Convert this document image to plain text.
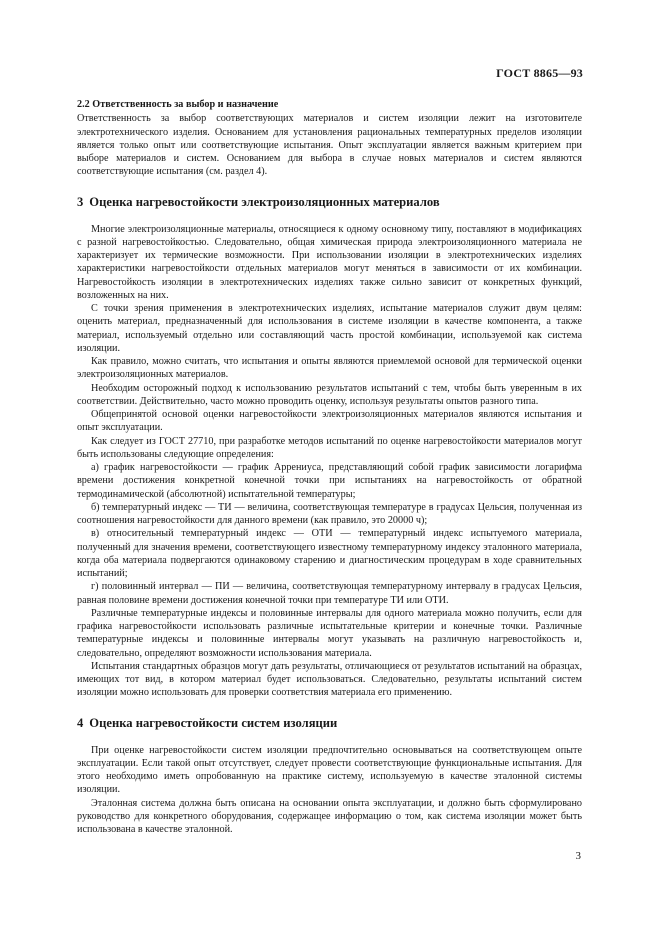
ГОСТ 8865—93
2.2 Ответственность за выбор и назначение

Ответственность за выбор соответствующих материалов и систем изоляции лежит на изготовителе электротехнического изделия. Основанием для установления рациональных температурных пределов изоляции является только опыт или соответствующие испытания. Опыт эксплуатации является важным критерием при выборе материалов и систем. Основанием для выбора в случае новых материалов и систем являются соответствующие испытания (см. раздел 4).

3 Оценка нагревостойкости электроизоляционных материалов

Многие электроизоляционные материалы, относящиеся к одному основному типу, поставляют в модификациях с разной нагревостойкостью. Следовательно, общая химическая природа электроизоляционного материала не характеризует их термические возможности. При использовании изоляции в электротехнических изделиях характеристики нагревостойкости отдельных материалов могут меняться в зависимости от их комбинации. Нагревостойкость изоляции в электротехнических изделиях также сильно зависит от конкретных функций, возложенных на них.

С точки зрения применения в электротехнических изделиях, испытание материалов служит двум целям: оценить материал, предназначенный для использования в системе изоляции в качестве компонента, а также материал, используемый отдельно или составляющий часть простой комбинации, используемой как система изоляции.

Как правило, можно считать, что испытания и опыты являются приемлемой основой для термической оценки электроизоляционных материалов.

Необходим осторожный подход к использованию результатов испытаний с тем, чтобы быть уверенным в их соответствии. Действительно, часто можно проводить оценку, используя результаты опытов разного типа.

Общепринятой основой оценки нагревостойкости электроизоляционных материалов являются испытания и опыт эксплуатации.

Как следует из ГОСТ 27710, при разработке методов испытаний по оценке нагревостойкости материалов могут быть использованы следующие определения:

а) график нагревостойкости — график Аррениуса, представляющий собой график зависимости логарифма времени достижения конкретной конечной точки при испытаниях на нагревостойкость от обратной термодинамической (абсолютной) испытательной температуры;

б) температурный индекс — ТИ — величина, соответствующая температуре в градусах Цельсия, полученная из соотношения нагревостойкости для данного времени (как правило, это 20000 ч);

в) относительный температурный индекс — ОТИ — температурный индекс испытуемого материала, полученный для значения времени, соответствующего известному температурному индексу эталонного материала, когда оба материала подвергаются одинаковому старению и диагностическим процедурам в ходе сравнительных испытаний;

г) половинный интервал — ПИ — величина, соответствующая температурному интервалу в градусах Цельсия, равная половине времени достижения конечной точки при температуре ТИ или ОТИ.

Различные температурные индексы и половинные интервалы для одного материала можно получить, если для графика нагревостойкости использовать различные испытательные критерии и конечные точки. Различные температурные индексы и половинные интервалы могут указывать на различную нагревостойкость и, следовательно, определяют возможности использования материала.

Испытания стандартных образцов могут дать результаты, отличающиеся от результатов испытаний на образцах, имеющих тот вид, в котором материал будет использоваться. Следовательно, результаты испытаний систем изоляции можно использовать для проверки соответствия материала его применению.

4 Оценка нагревостойкости систем изоляции

При оценке нагревостойкости систем изоляции предпочтительно основываться на соответствующем опыте эксплуатации. Если такой опыт отсутствует, следует провести соответствующие функциональные испытания. Для этого необходимо иметь опробованную на практике систему, используемую в качестве эталонной системы изоляции.

Эталонная система должна быть описана на основании опыта эксплуатации, и должно быть сформулировано руководство для конкретного оборудования, содержащее информацию о том, как система изоляции может быть использована в качестве эталонной.

3
